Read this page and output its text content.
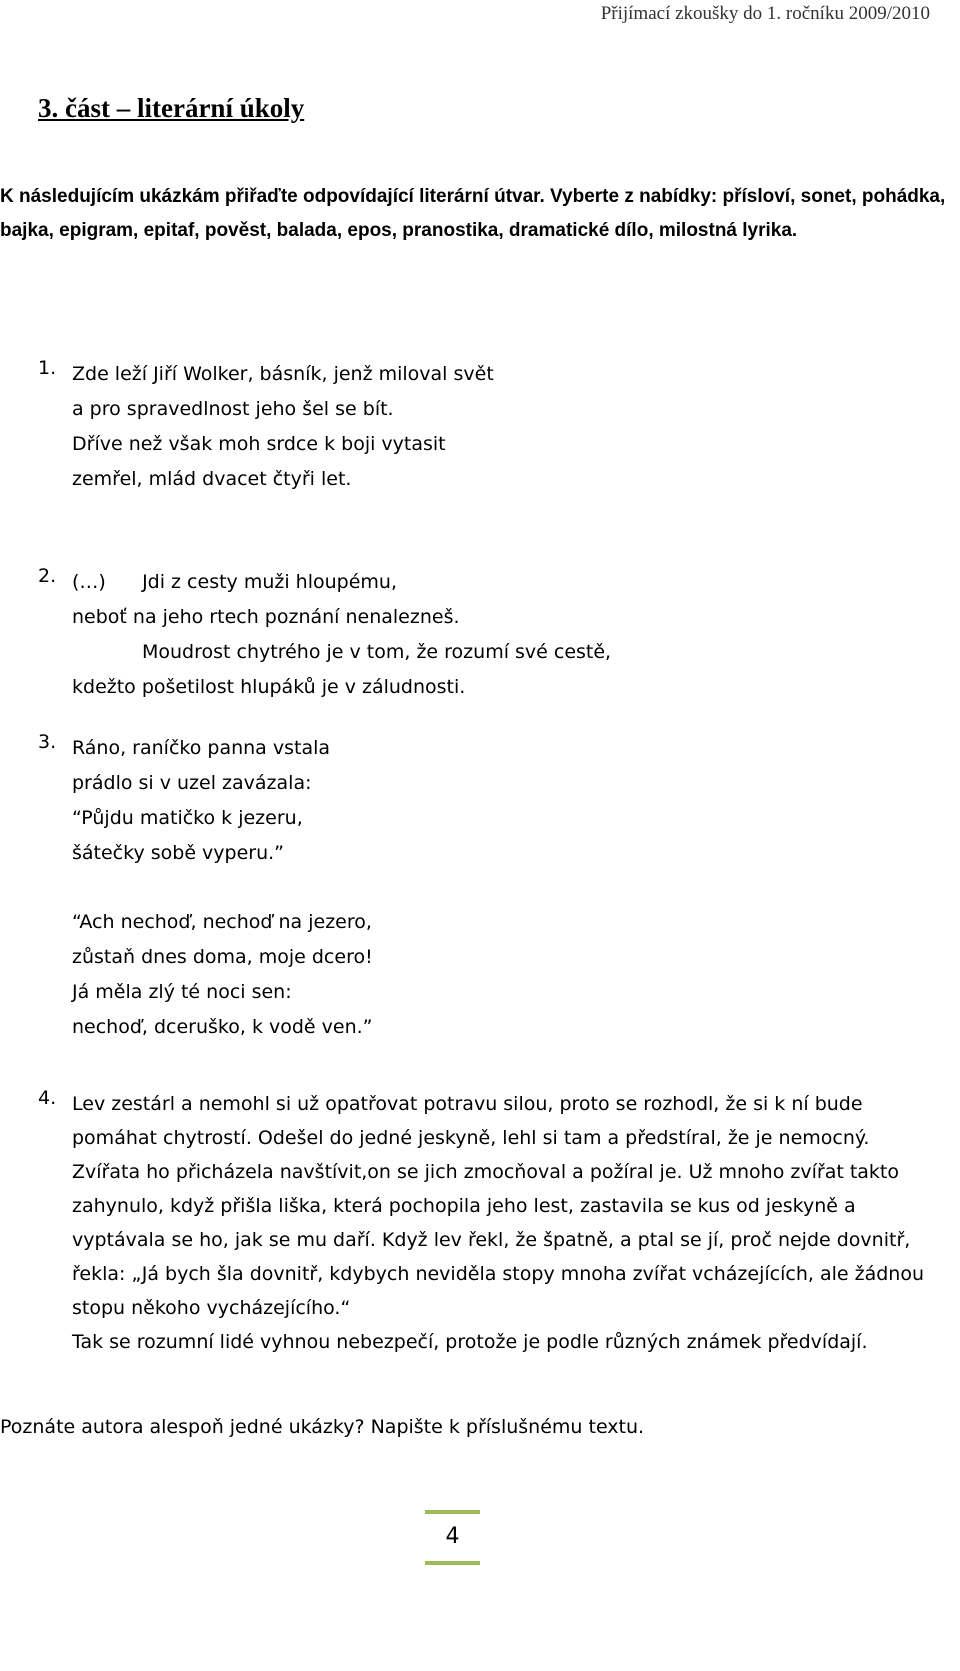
Přijímací zkoušky do 1. ročníku 2009/2010
3. část – literární úkoly
K následujícím ukázkám přiřaďte odpovídající literární útvar. Vyberte z nabídky: přísloví, sonet, pohádka, bajka, epigram, epitaf, pověst, balada, epos, pranostika, dramatické dílo, milostná lyrika.
1. Zde leží Jiří Wolker, básník, jenž miloval svět
a pro spravedlnost jeho šel se bít.
Dříve než však moh srdce k boji vytasit
zemřel, mlád dvacet čtyři let.
2. (…)      Jdi z cesty muži hloupému,
neboť na jeho rtech poznání nenalezneš.
Moudrost chytrého je v tom, že rozumí své cestě,
kdežto pošetilost hlupáků je v záludnosti.
3. Ráno, raníčko panna vstala
prádlo si v uzel zavázala:
“Půjdu matičko k jezeru,
šátečky sobě vyperu.”
“Ach nechoď, nechoď na jezero,
zůstaň dnes doma, moje dcero!
Já měla zlý té noci sen:
nechoď, dceruško, k vodě ven.”
4. Lev zestárl a nemohl si už opatřovat potravu silou, proto se rozhodl, že si k ní bude pomáhat chytrostí. Odešel do jedné jeskyně, lehl si tam a předstíral, že je nemocný. Zvířata ho přicházela navštívit,on se jich zmocňoval a požíral je. Už mnoho zvířat takto zahynulo, když přišla liška, která pochopila jeho lest, zastavila se kus od jeskyně a vyptávala se ho, jak se mu daří. Když lev řekl, že špatně, a ptal se jí, proč nejde dovnitř, řekla: „Já bych šla dovnitř, kdybych neviděla stopy mnoha zvířat vcházejících, ale žádnou stopu někoho vycházejícího.“
Tak se rozumní lidé vyhnou nebezpečí, protože je podle různých známek předvídají.
Poznáte autora alespoň jedné ukázky? Napište k příslušnému textu.
4
